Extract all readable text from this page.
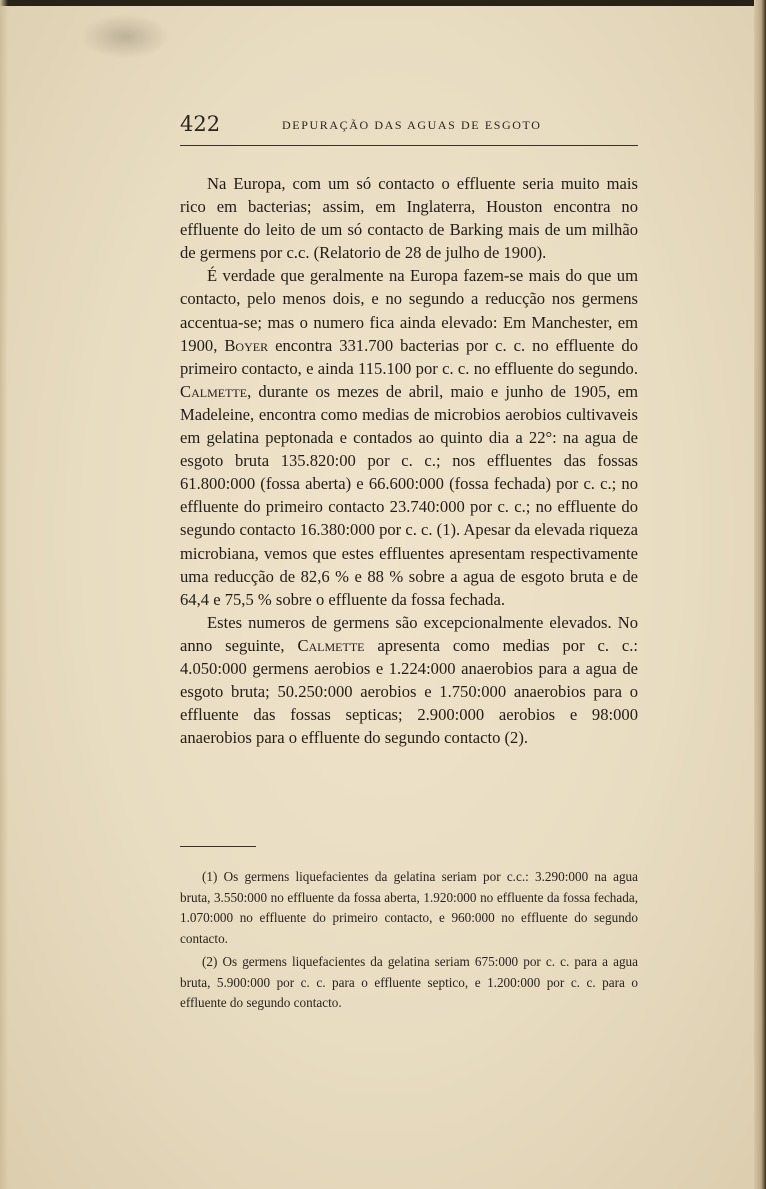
422	DEPURAÇÃO DAS AGUAS DE ESGOTO

Na Europa, com um só contacto o effluente seria muito mais rico em bacterias; assim, em Inglaterra, Houston encontra no effluente do leito de um só contacto de Barking mais de um milhão de germens por c.c. (Relatorio de 28 de julho de 1900).

É verdade que geralmente na Europa fazem-se mais do que um contacto, pelo menos dois, e no segundo a reducção nos germens accentua-se; mas o numero fica ainda elevado: Em Manchester, em 1900, Boyer encontra 331.700 bacterias por c. c. no effluente do primeiro contacto, e ainda 115.100 por c. c. no effluente do segundo. Calmette, durante os mezes de abril, maio e junho de 1905, em Madeleine, encontra como medias de microbios aerobios cultivaveis em gelatina peptonada e contados ao quinto dia a 22°: na agua de esgoto bruta 135.820:00 por c. c.; nos effluentes das fossas 61.800:000 (fossa aberta) e 66.600:000 (fossa fechada) por c. c.; no effluente do primeiro contacto 23.740:000 por c. c.; no effluente do segundo contacto 16.380:000 por c. c. (1). Apesar da elevada riqueza microbiana, vemos que estes effluentes apresentam respectivamente uma reducção de 82,6 % e 88 % sobre a agua de esgoto bruta e de 64,4 e 75,5 % sobre o effluente da fossa fechada.

Estes numeros de germens são excepcionalmente elevados. No anno seguinte, Calmette apresenta como medias por c. c.: 4.050:000 germens aerobios e 1.224:000 anaerobios para a agua de esgoto bruta; 50.250:000 aerobios e 1.750:000 anaerobios para o effluente das fossas septicas; 2.900:000 aerobios e 98:000 anaerobios para o effluente do segundo contacto (2).

(1) Os germens liquefacientes da gelatina seriam por c.c.: 3.290:000 na agua bruta, 3.550:000 no effluente da fossa aberta, 1.920:000 no effluente da fossa fechada, 1.070:000 no effluente do primeiro contacto, e 960:000 no effluente do segundo contacto.

(2) Os germens liquefacientes da gelatina seriam 675:000 por c. c. para a agua bruta, 5.900:000 por c. c. para o effluente septico, e 1.200:000 por c. c. para o effluente do segundo contacto.
